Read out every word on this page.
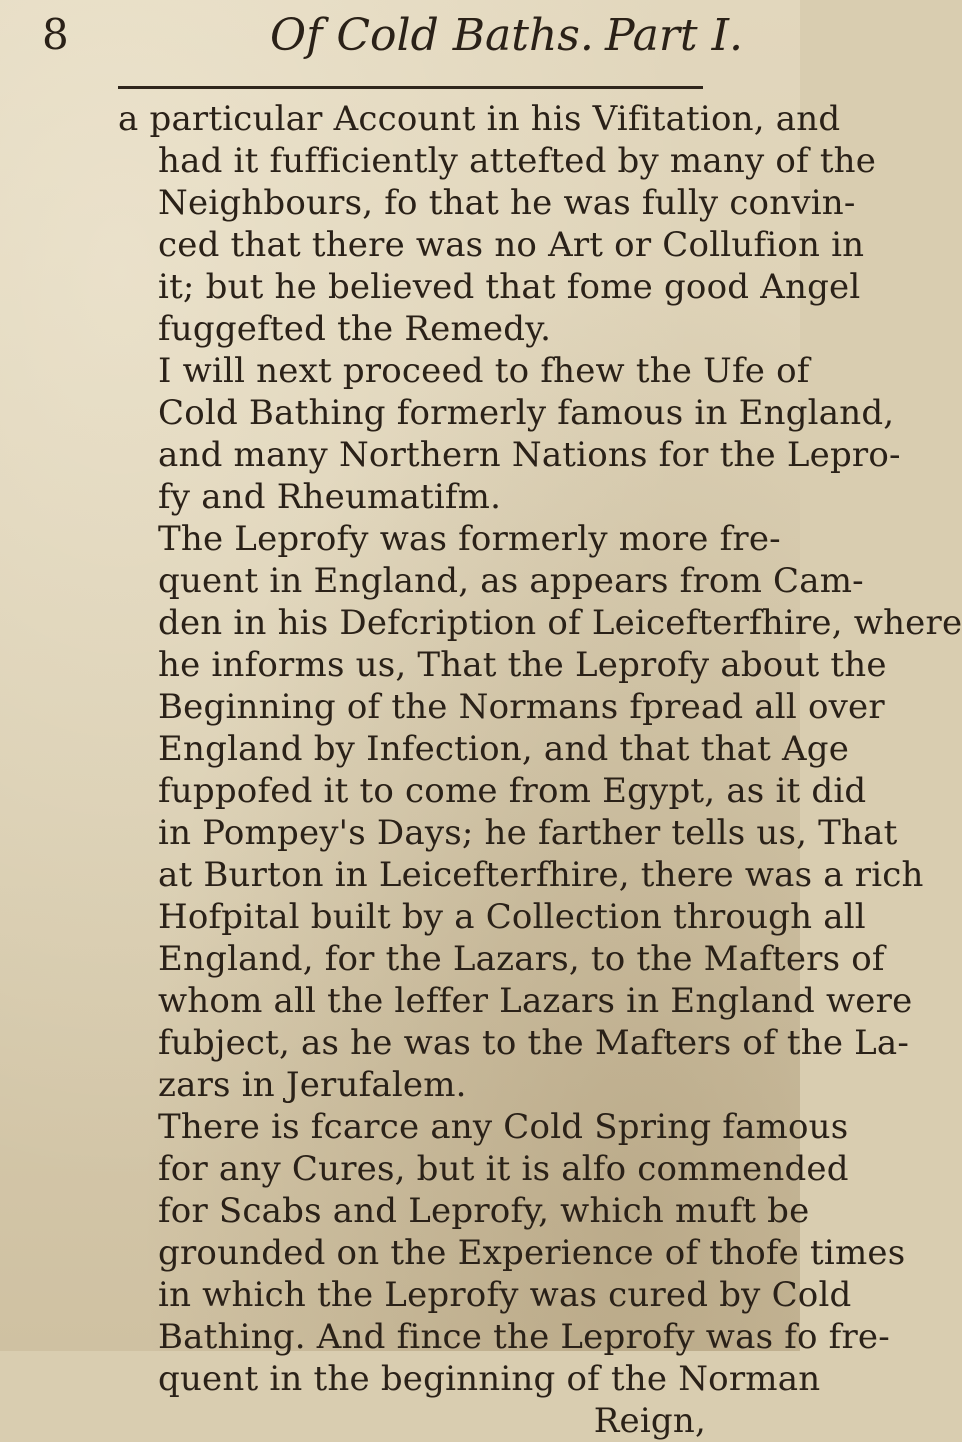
8	Of Cold Baths. Part I.
a particular Account in his Vifitation, and
had it fufficiently attefted by many of the
Neighbours, fo that he was fully convin-
ced that there was no Art or Collufion in
it; but he believed that fome good Angel
fuggefted the Remedy.
I will next proceed to fhew the Ufe of
Cold Bathing formerly famous in England,
and many Northern Nations for the Lepro-
fy and Rheumatifm.
The Leprofy was formerly more fre-
quent in England, as appears from Cam-
den in his Defcription of Leicefterfhire, where
he informs us, That the Leprofy about the
Beginning of the Normans fpread all over
England by Infection, and that that Age
fuppofed it to come from Egypt, as it did
in Pompey's Days; he farther tells us, That
at Burton in Leicefterfhire, there was a rich
Hofpital built by a Collection through all
England, for the Lazars, to the Mafters of
whom all the leffer Lazars in England were
fubject, as he was to the Mafters of the La-
zars in Jerufalem.
There is fcarce any Cold Spring famous
for any Cures, but it is alfo commended
for Scabs and Leprofy, which muft be
grounded on the Experience of thofe times
in which the Leprofy was cured by Cold
Bathing. And fince the Leprofy was fo fre-
quent in the beginning of the Norman
Reign,
